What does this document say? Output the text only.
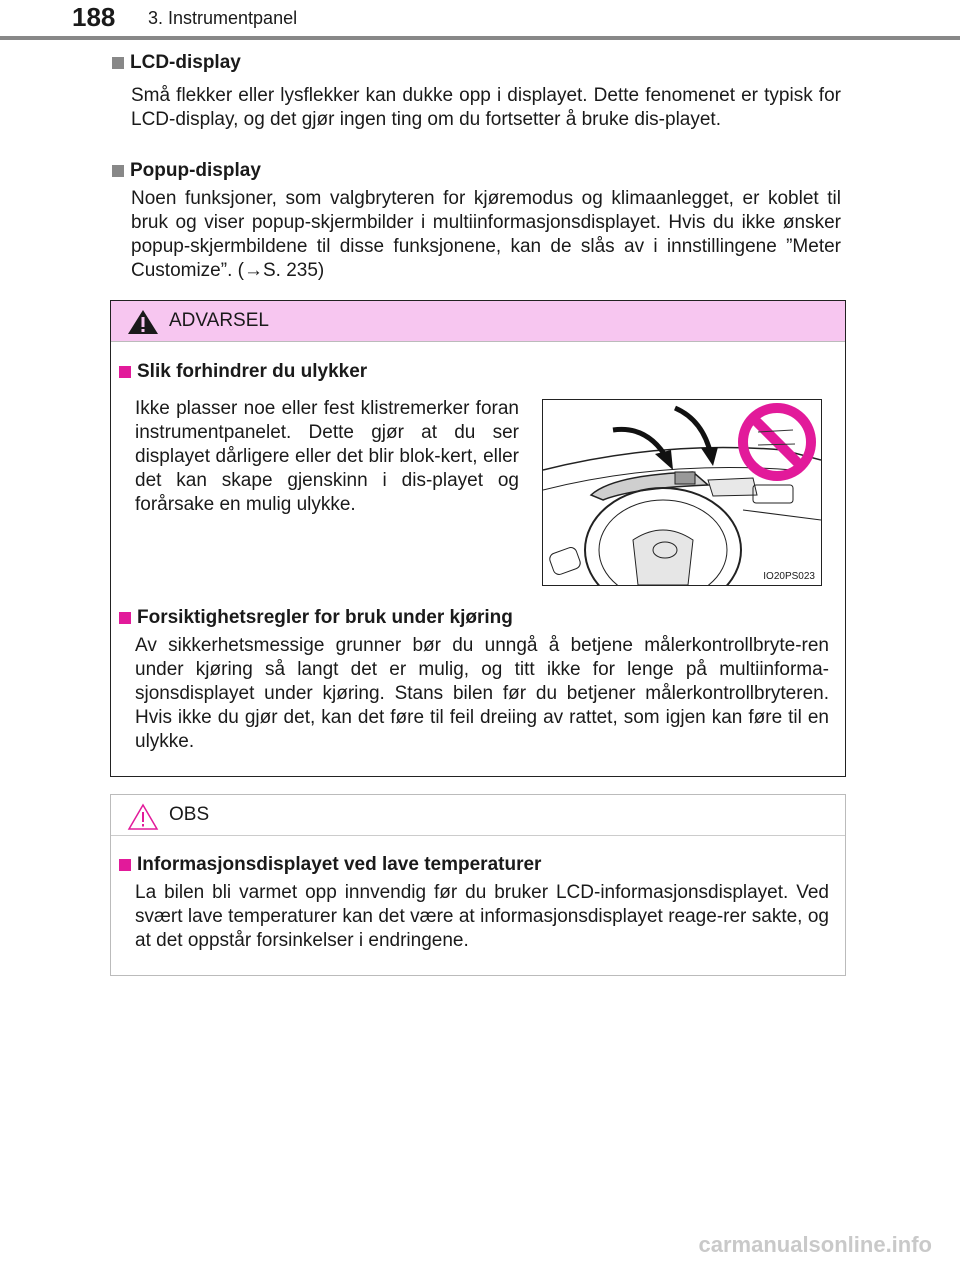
188 3. Instrumentpanel
LCD-display
Små flekker eller lysflekker kan dukke opp i displayet. Dette fenomenet er typisk for LCD-display, og det gjør ingen ting om du fortsetter å bruke dis-playet.
Popup-display
Noen funksjoner, som valgbryteren for kjøremodus og klimaanlegget, er koblet til bruk og viser popup-skjermbilder i multiinformasjonsdisplayet. Hvis du ikke ønsker popup-skjermbildene til disse funksjonene, kan de slås av i innstillingene ”Meter Customize”. (→S. 235)
ADVARSEL
Slik forhindrer du ulykker
Ikke plasser noe eller fest klistremerker foran instrumentpanelet. Dette gjør at du ser displayet dårligere eller det blir blok-kert, eller det kan skape gjenskinn i dis-playet og forårsake en mulig ulykke.
Forsiktighetsregler for bruk under kjøring
Av sikkerhetsmessige grunner bør du unngå å betjene målerkontrollbryte-ren under kjøring så langt det er mulig, og titt ikke for lenge på multiinforma-sjonsdisplayet under kjøring. Stans bilen før du betjener målerkontrollbryteren. Hvis ikke du gjør det, kan det føre til feil dreiing av rattet, som igjen kan føre til en ulykke.
IO20PS023
OBS
Informasjonsdisplayet ved lave temperaturer
La bilen bli varmet opp innvendig før du bruker LCD-informasjonsdisplayet. Ved svært lave temperaturer kan det være at informasjonsdisplayet reage-rer sakte, og at det oppstår forsinkelser i endringene.
carmanualsonline.info
